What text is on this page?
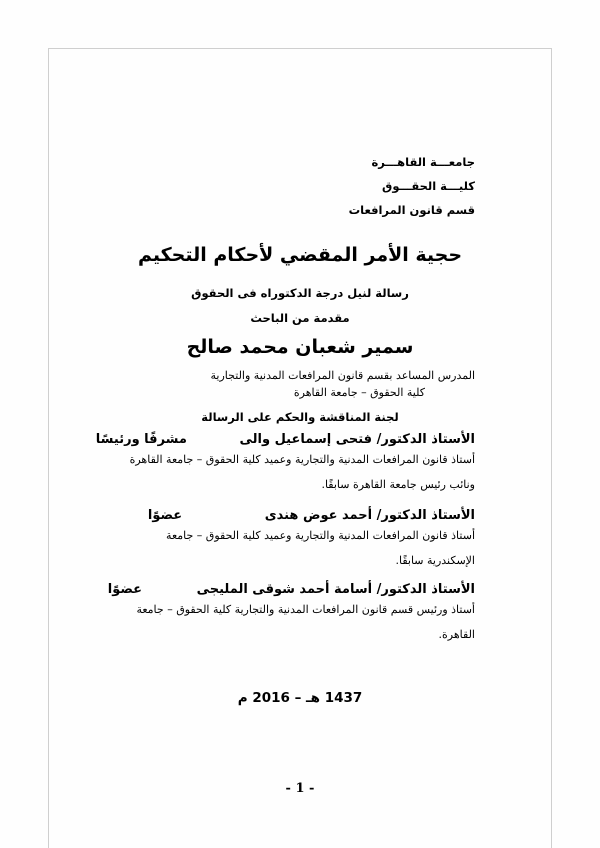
جامعـــة القاهـــرة
كليـــة الحقـــوق
قسم قانون المرافعات
حجية الأمر المقضي لأحكام التحكيم
رسالة لنيل درجة الدكتوراه فى الحقوق
مقدمة من الباحث
سمير شعبان محمد صالح
المدرس المساعد بقسم قانون المرافعات المدنية والتجارية
كلية الحقوق – جامعة القاهرة
لجنة المناقشة والحكم على الرسالة
الأستاذ الدكتور/ فتحى إسماعيل والى مشرفًا ورئيسًا
أستاذ قانون المرافعات المدنية والتجارية وعميد كلية الحقوق – جامعة القاهرة
ونائب رئيس جامعة القاهرة سابقًا.
الأستاذ الدكتور/ أحمد عوض هندى عضوًا
أستاذ قانون المرافعات المدنية والتجارية وعميد كلية الحقوق – جامعة
الإسكندرية سابقًا.
الأستاذ الدكتور/ أسامة أحمد شوقى المليجى عضوًا
أستاذ ورئيس قسم قانون المرافعات المدنية والتجارية كلية الحقوق – جامعة
القاهرة.
1437 هـ – 2016 م
- 1 -
